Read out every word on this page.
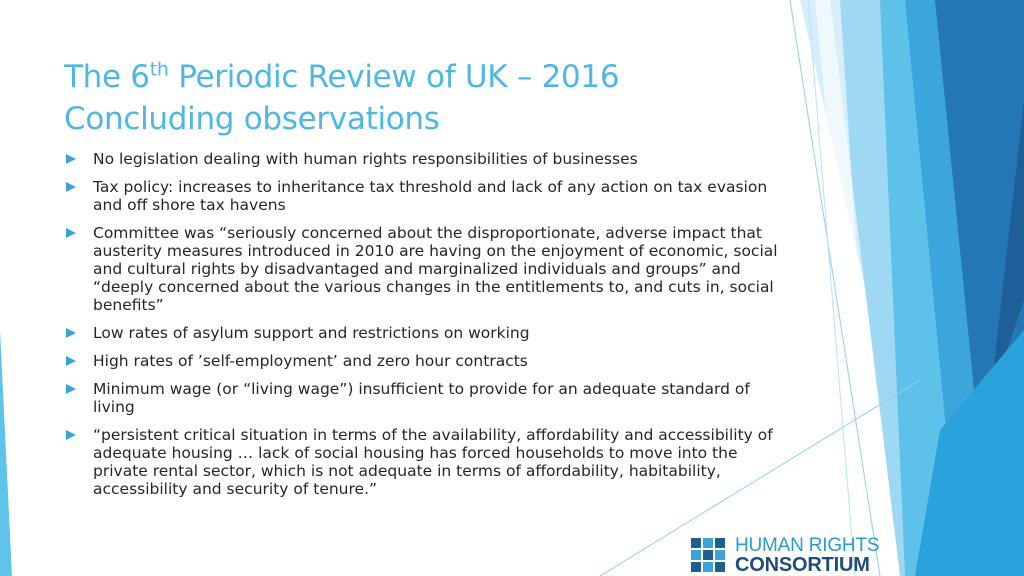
The 6th Periodic Review of UK – 2016
Concluding observations
No legislation dealing with human rights responsibilities of businesses
Tax policy: increases to inheritance tax threshold and lack of any action on tax evasion and off shore tax havens
Committee was “seriously concerned about the disproportionate, adverse impact that austerity measures introduced in 2010 are having on the enjoyment of economic, social and cultural rights by disadvantaged and marginalized individuals and groups” and “deeply concerned about the various changes in the entitlements to, and cuts in, social benefits”
Low rates of asylum support and restrictions on working
High rates of ’self-employment’ and zero hour contracts
Minimum wage (or “living wage”) insufficient to provide for an adequate standard of living
“persistent critical situation in terms of the availability, affordability and accessibility of adequate housing … lack of social housing has forced households to move into the private rental sector, which is not adequate in terms of affordability, habitability, accessibility and security of tenure.”
HUMAN RIGHTS
CONSORTIUM
